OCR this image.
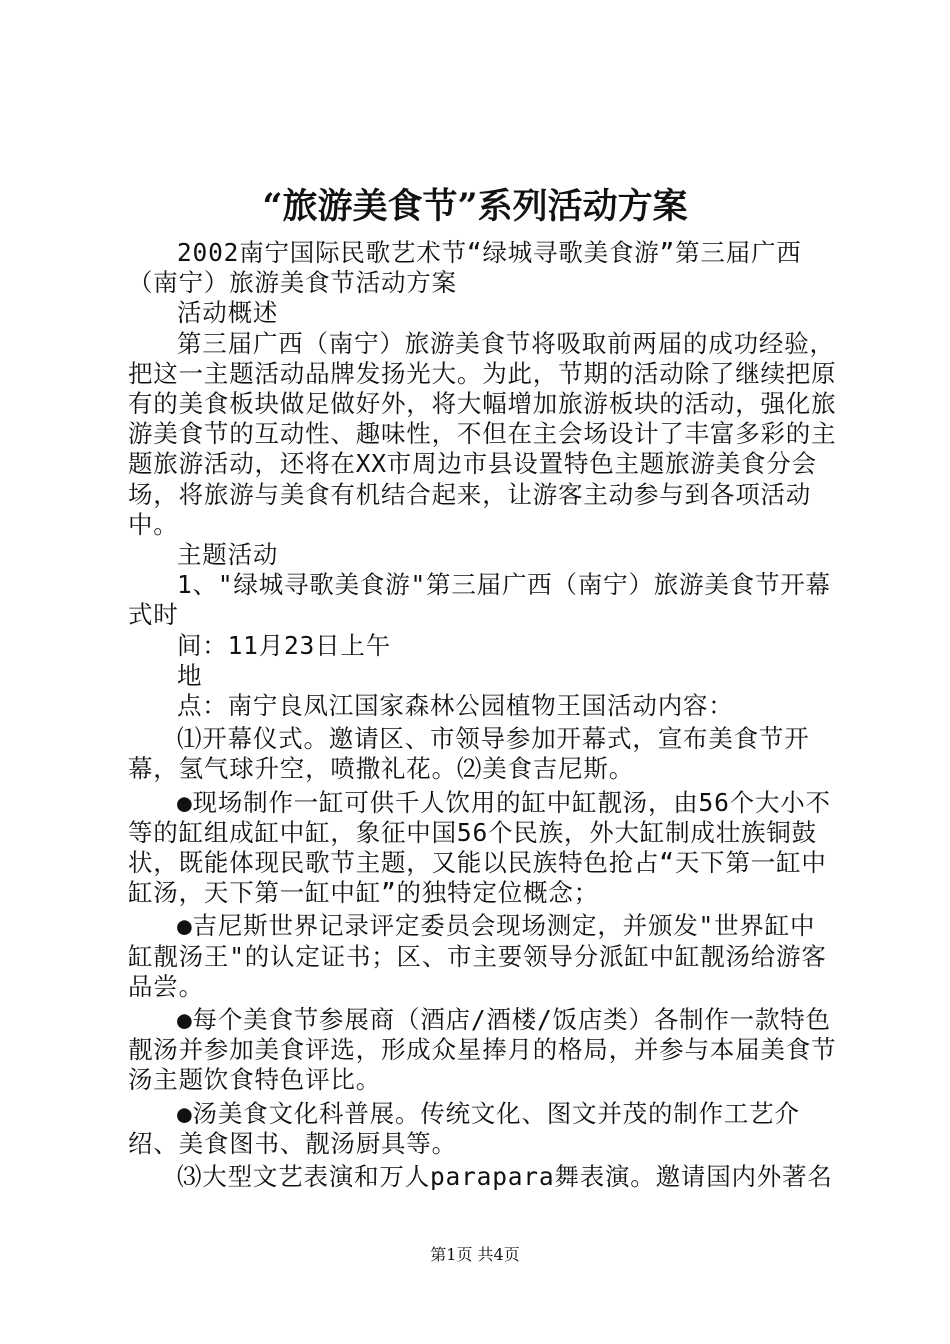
“旅游美食节”系列活动方案

2002南宁国际民歌艺术节“绿城寻歌美食游”第三届广西（南宁）旅游美食节活动方案

活动概述

第三届广西（南宁）旅游美食节将吸取前两届的成功经验，把这一主题活动品牌发扬光大。为此，节期的活动除了继续把原有的美食板块做足做好外，将大幅增加旅游板块的活动，强化旅游美食节的互动性、趣味性，不但在主会场设计了丰富多彩的主题旅游活动，还将在XX市周边市县设置特色主题旅游美食分会场，将旅游与美食有机结合起来，让游客主动参与到各项活动中。

主题活动

1、"绿城寻歌美食游"第三届广西（南宁）旅游美食节开幕式时

间：11月23日上午

地

点：南宁良凤江国家森林公园植物王国活动内容：

⑴开幕仪式。邀请区、市领导参加开幕式，宣布美食节开幕，氢气球升空，喷撒礼花。⑵美食吉尼斯。

●现场制作一缸可供千人饮用的缸中缸靓汤，由56个大小不等的缸组成缸中缸，象征中国56个民族，外大缸制成壮族铜鼓状，既能体现民歌节主题，又能以民族特色抢占“天下第一缸中缸汤，天下第一缸中缸”的独特定位概念；

●吉尼斯世界记录评定委员会现场测定，并颁发"世界缸中缸靓汤王"的认定证书；区、市主要领导分派缸中缸靓汤给游客品尝。

●每个美食节参展商（酒店/酒楼/饭店类）各制作一款特色靓汤并参加美食评选，形成众星捧月的格局，并参与本届美食节汤主题饮食特色评比。

●汤美食文化科普展。传统文化、图文并茂的制作工艺介绍、美食图书、靓汤厨具等。

⑶大型文艺表演和万人parapara舞表演。邀请国内外著名

第1页 共4页
